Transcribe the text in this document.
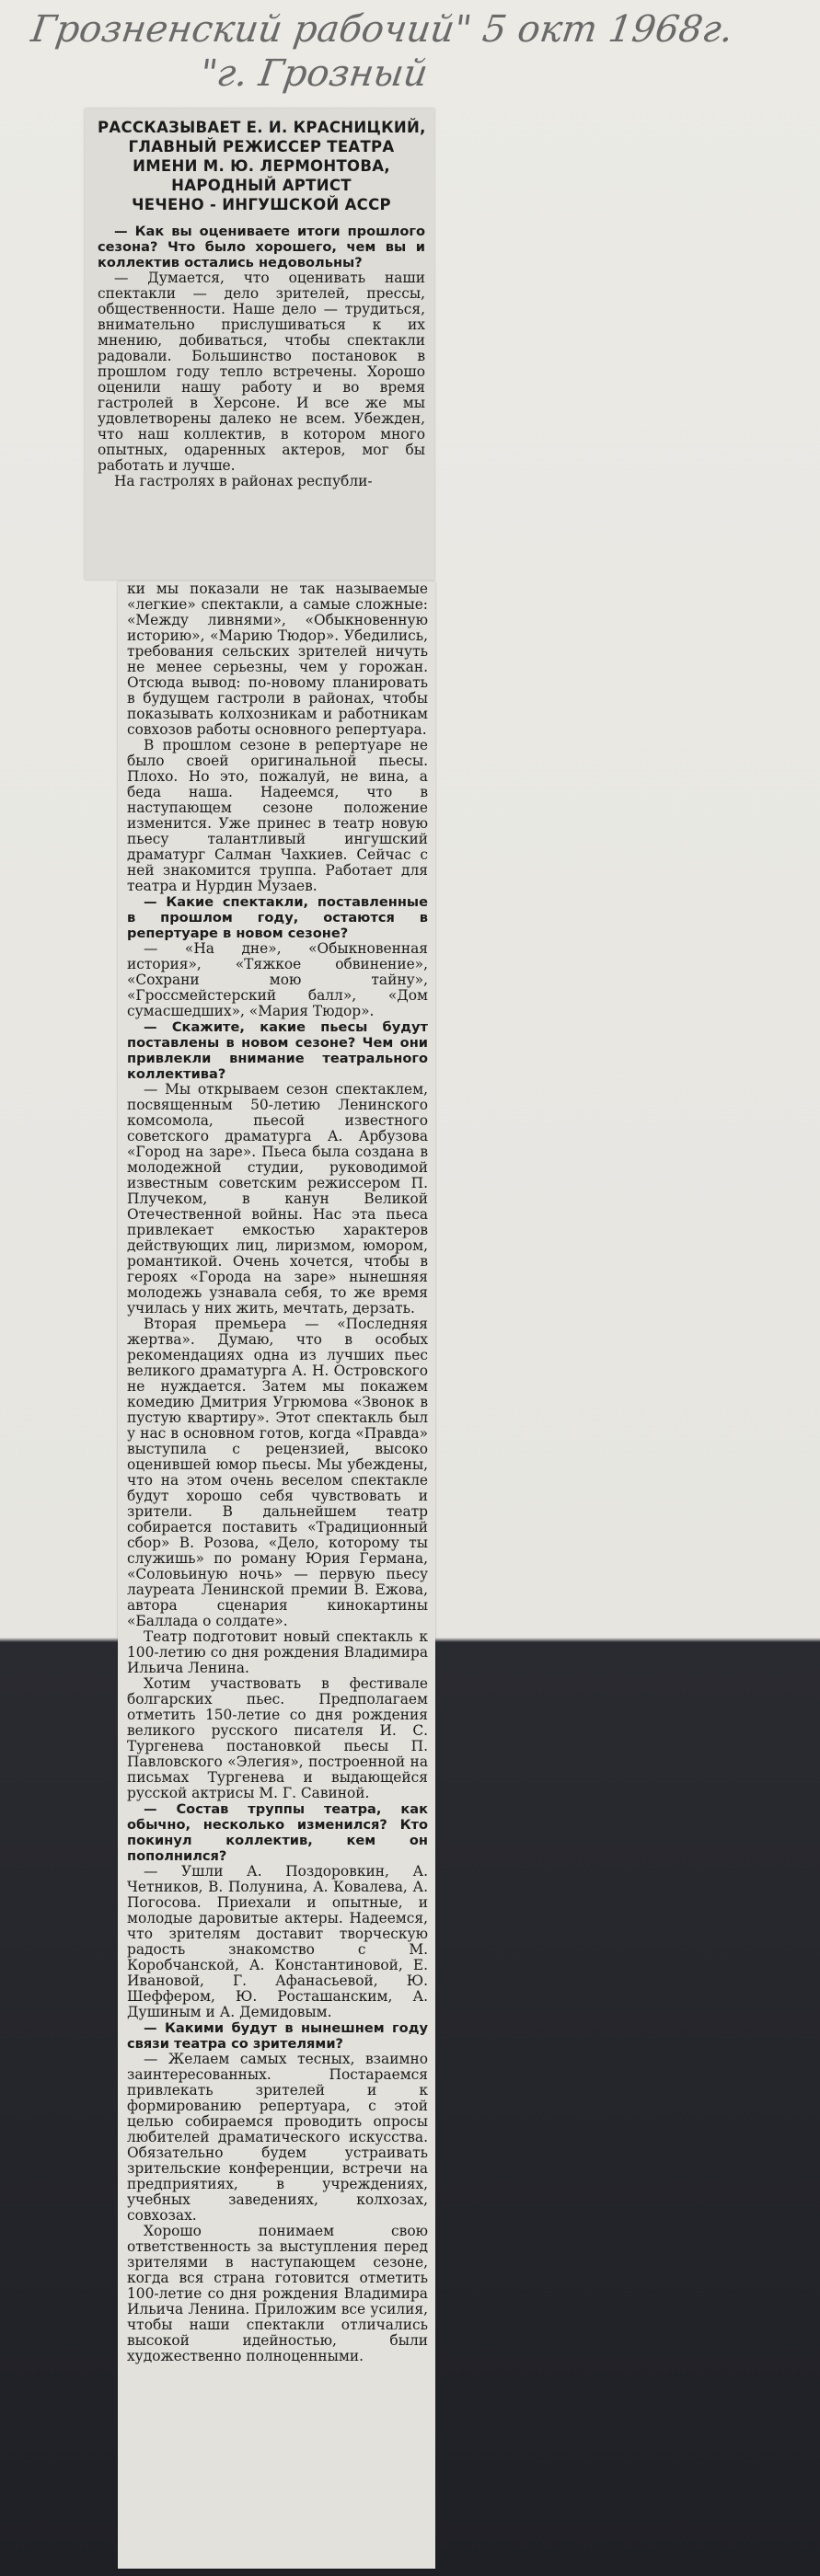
Грозненский рабочий" 5 окт 1968г.
"г. Грозный
РАССКАЗЫВАЕТ Е. И. КРАСНИЦКИЙ,
ГЛАВНЫЙ РЕЖИССЕР ТЕАТРА
ИМЕНИ М. Ю. ЛЕРМОНТОВА,
НАРОДНЫЙ АРТИСТ
ЧЕЧЕНО - ИНГУШСКОЙ АССР

— Как вы оцениваете итоги прошлого сезона? Что было хорошего, чем вы и коллектив остались недовольны?

— Думается, что оценивать наши спектакли — дело зрителей, прессы, общественности. Наше дело — трудиться, внимательно прислушиваться к их мнению, добиваться, чтобы спектакли радовали. Большинство постановок в прошлом году тепло встречены. Хорошо оценили нашу работу и во время гастролей в Херсоне. И все же мы удовлетворены далеко не всем. Убежден, что наш коллектив, в котором много опытных, одаренных актеров, мог бы работать и лучше.

На гастролях в районах республи-

ки мы показали не так называемые «легкие» спектакли, а самые сложные: «Между ливнями», «Обыкновенную историю», «Марию Тюдор». Убедились, требования сельских зрителей ничуть не менее серьезны, чем у горожан. Отсюда вывод: по-новому планировать в будущем гастроли в районах, чтобы показывать колхозникам и работникам совхозов работы основного репертуара.

В прошлом сезоне в репертуаре не было своей оригинальной пьесы. Плохо. Но это, пожалуй, не вина, а беда наша. Надеемся, что в наступающем сезоне положение изменится. Уже принес в театр новую пьесу талантливый ингушский драматург Салман Чахкиев. Сейчас с ней знакомится труппа. Работает для театра и Нурдин Музаев.

— Какие спектакли, поставленные в прошлом году, остаются в репертуаре в новом сезоне?

— «На дне», «Обыкновенная история», «Тяжкое обвинение», «Сохрани мою тайну», «Гроссмейстерский балл», «Дом сумасшедших», «Мария Тюдор».

— Скажите, какие пьесы будут поставлены в новом сезоне? Чем они привлекли внимание театрального коллектива?

— Мы открываем сезон спектаклем, посвященным 50-летию Ленинского комсомола, пьесой известного советского драматурга А. Арбузова «Город на заре». Пьеса была создана в молодежной студии, руководимой известным советским режиссером П. Плучеком, в канун Великой Отечественной войны. Нас эта пьеса привлекает емкостью характеров действующих лиц, лиризмом, юмором, романтикой. Очень хочется, чтобы в героях «Города на заре» нынешняя молодежь узнавала себя, то же время училась у них жить, мечтать, дерзать.

Вторая премьера — «Последняя жертва». Думаю, что в особых рекомендациях одна из лучших пьес великого драматурга А. Н. Островского не нуждается. Затем мы покажем комедию Дмитрия Угрюмова «Звонок в пустую квартиру». Этот спектакль был у нас в основном готов, когда «Правда» выступила с рецензией, высоко оценившей юмор пьесы. Мы убеждены, что на этом очень веселом спектакле будут хорошо себя чувствовать и зрители. В дальнейшем театр собирается поставить «Традиционный сбор» В. Розова, «Дело, которому ты служишь» по роману Юрия Германа, «Соловьиную ночь» — первую пьесу лауреата Ленинской премии В. Ежова, автора сценария кинокартины «Баллада о солдате».

Театр подготовит новый спектакль к 100-летию со дня рождения Владимира Ильича Ленина.

Хотим участвовать в фестивале болгарских пьес. Предполагаем отметить 150-летие со дня рождения великого русского писателя И. С. Тургенева постановкой пьесы П. Павловского «Элегия», построенной на письмах Тургенева и выдающейся русской актрисы М. Г. Савиной.

— Состав труппы театра, как обычно, несколько изменился? Кто покинул коллектив, кем он пополнился?

— Ушли А. Поздоровкин, А. Четников, В. Полунина, А. Ковалева, А. Погосова. Приехали и опытные, и молодые даровитые актеры. Надеемся, что зрителям доставит творческую радость знакомство с М. Коробчанской, А. Константиновой, Е. Ивановой, Г. Афанасьевой, Ю. Шеффером, Ю. Росташанским, А. Душиным и А. Демидовым.

— Какими будут в нынешнем году связи театра со зрителями?

— Желаем самых тесных, взаимно заинтересованных. Постараемся привлекать зрителей и к формированию репертуара, с этой целью собираемся проводить опросы любителей драматического искусства. Обязательно будем устраивать зрительские конференции, встречи на предприятиях, в учреждениях, учебных заведениях, колхозах, совхозах.

Хорошо понимаем свою ответственность за выступления перед зрителями в наступающем сезоне, когда вся страна готовится отметить 100-летие со дня рождения Владимира Ильича Ленина. Приложим все усилия, чтобы наши спектакли отличались высокой идейностью, были художественно полноценными.
